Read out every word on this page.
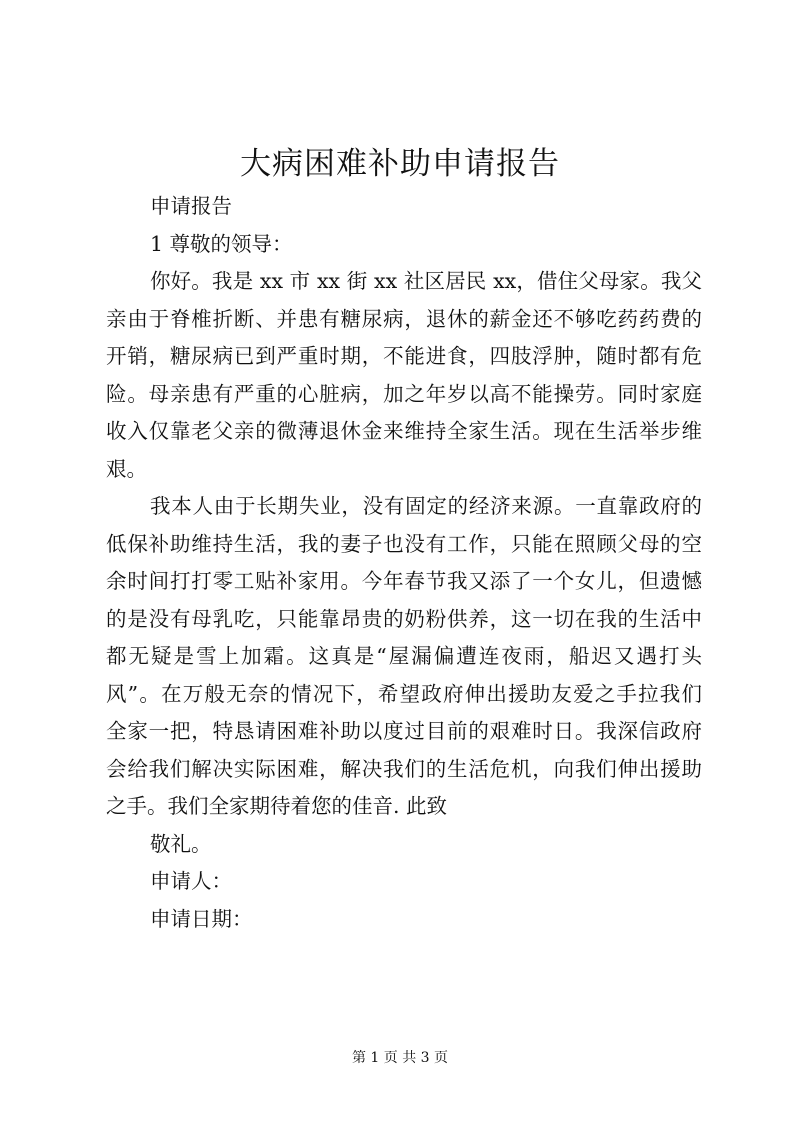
大病困难补助申请报告
申请报告
1 尊敬的领导：
你好。我是 xx 市 xx 街 xx 社区居民 xx，借住父母家。我父
亲由于脊椎折断、并患有糖尿病，退休的薪金还不够吃药药费的
开销，糖尿病已到严重时期，不能进食，四肢浮肿，随时都有危
险。母亲患有严重的心脏病，加之年岁以高不能操劳。同时家庭
收入仅靠老父亲的微薄退休金来维持全家生活。现在生活举步维
艰。
我本人由于长期失业，没有固定的经济来源。一直靠政府的
低保补助维持生活，我的妻子也没有工作，只能在照顾父母的空
余时间打打零工贴补家用。今年春节我又添了一个女儿，但遗憾
的是没有母乳吃，只能靠昂贵的奶粉供养，这一切在我的生活中
都无疑是雪上加霜。这真是“屋漏偏遭连夜雨，船迟又遇打头
风”。在万般无奈的情况下，希望政府伸出援助友爱之手拉我们
全家一把，特恳请困难补助以度过目前的艰难时日。我深信政府
会给我们解决实际困难，解决我们的生活危机，向我们伸出援助
之手。我们全家期待着您的佳音. 此致
敬礼。
申请人：
申请日期：
第 1 页 共 3 页
